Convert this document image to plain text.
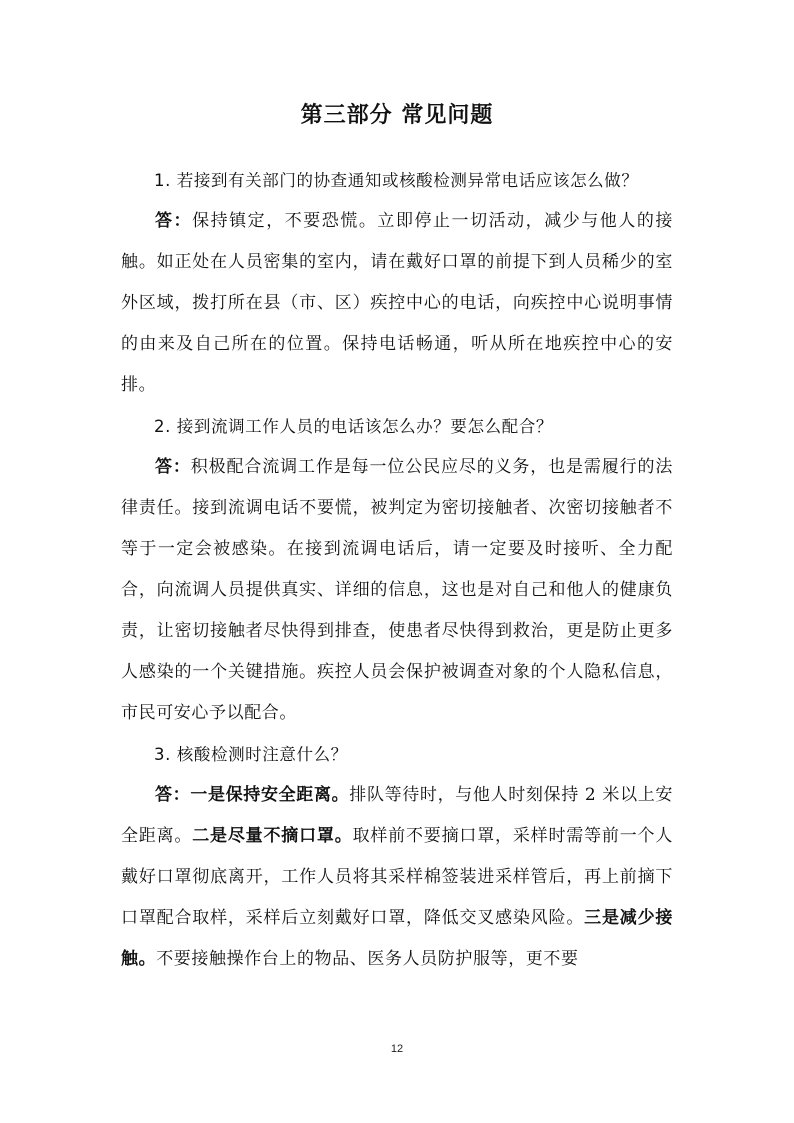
第三部分 常见问题

1. 若接到有关部门的协查通知或核酸检测异常电话应该怎么做？

答：保持镇定，不要恐慌。立即停止一切活动，减少与他人的接触。如正处在人员密集的室内，请在戴好口罩的前提下到人员稀少的室外区域，拨打所在县（市、区）疾控中心的电话，向疾控中心说明事情的由来及自己所在的位置。保持电话畅通，听从所在地疾控中心的安排。

2. 接到流调工作人员的电话该怎么办？要怎么配合？

答：积极配合流调工作是每一位公民应尽的义务，也是需履行的法律责任。接到流调电话不要慌，被判定为密切接触者、次密切接触者不等于一定会被感染。在接到流调电话后，请一定要及时接听、全力配合，向流调人员提供真实、详细的信息，这也是对自己和他人的健康负责，让密切接触者尽快得到排查，使患者尽快得到救治，更是防止更多人感染的一个关键措施。疾控人员会保护被调查对象的个人隐私信息，市民可安心予以配合。

3. 核酸检测时注意什么？

答：一是保持安全距离。排队等待时，与他人时刻保持 2 米以上安全距离。二是尽量不摘口罩。取样前不要摘口罩，采样时需等前一个人戴好口罩彻底离开，工作人员将其采样棉签装进采样管后，再上前摘下口罩配合取样，采样后立刻戴好口罩，降低交叉感染风险。三是减少接触。不要接触操作台上的物品、医务人员防护服等，更不要

12
